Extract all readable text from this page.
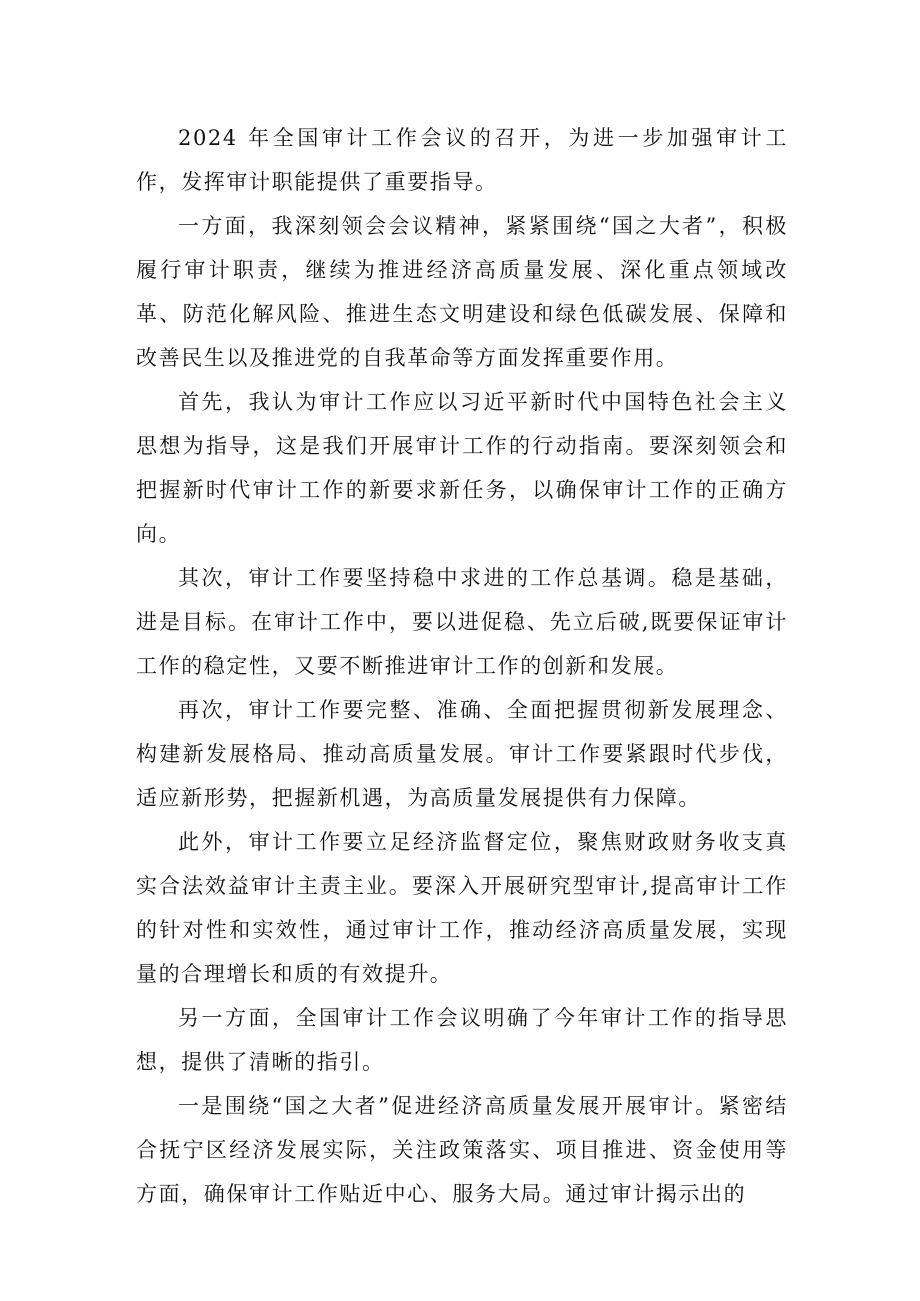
2024 年全国审计工作会议的召开，为进一步加强审计工作，发挥审计职能提供了重要指导。

一方面，我深刻领会会议精神，紧紧围绕“国之大者”，积极履行审计职责，继续为推进经济高质量发展、深化重点领域改革、防范化解风险、推进生态文明建设和绿色低碳发展、保障和改善民生以及推进党的自我革命等方面发挥重要作用。

首先，我认为审计工作应以习近平新时代中国特色社会主义思想为指导，这是我们开展审计工作的行动指南。要深刻领会和把握新时代审计工作的新要求新任务，以确保审计工作的正确方向。

其次，审计工作要坚持稳中求进的工作总基调。稳是基础，进是目标。在审计工作中，要以进促稳、先立后破,既要保证审计工作的稳定性，又要不断推进审计工作的创新和发展。

再次，审计工作要完整、准确、全面把握贯彻新发展理念、构建新发展格局、推动高质量发展。审计工作要紧跟时代步伐，适应新形势，把握新机遇，为高质量发展提供有力保障。

此外，审计工作要立足经济监督定位，聚焦财政财务收支真实合法效益审计主责主业。要深入开展研究型审计,提高审计工作的针对性和实效性，通过审计工作，推动经济高质量发展，实现量的合理增长和质的有效提升。

另一方面，全国审计工作会议明确了今年审计工作的指导思想，提供了清晰的指引。

一是围绕“国之大者”促进经济高质量发展开展审计。紧密结合抚宁区经济发展实际，关注政策落实、项目推进、资金使用等方面，确保审计工作贴近中心、服务大局。通过审计揭示出的
